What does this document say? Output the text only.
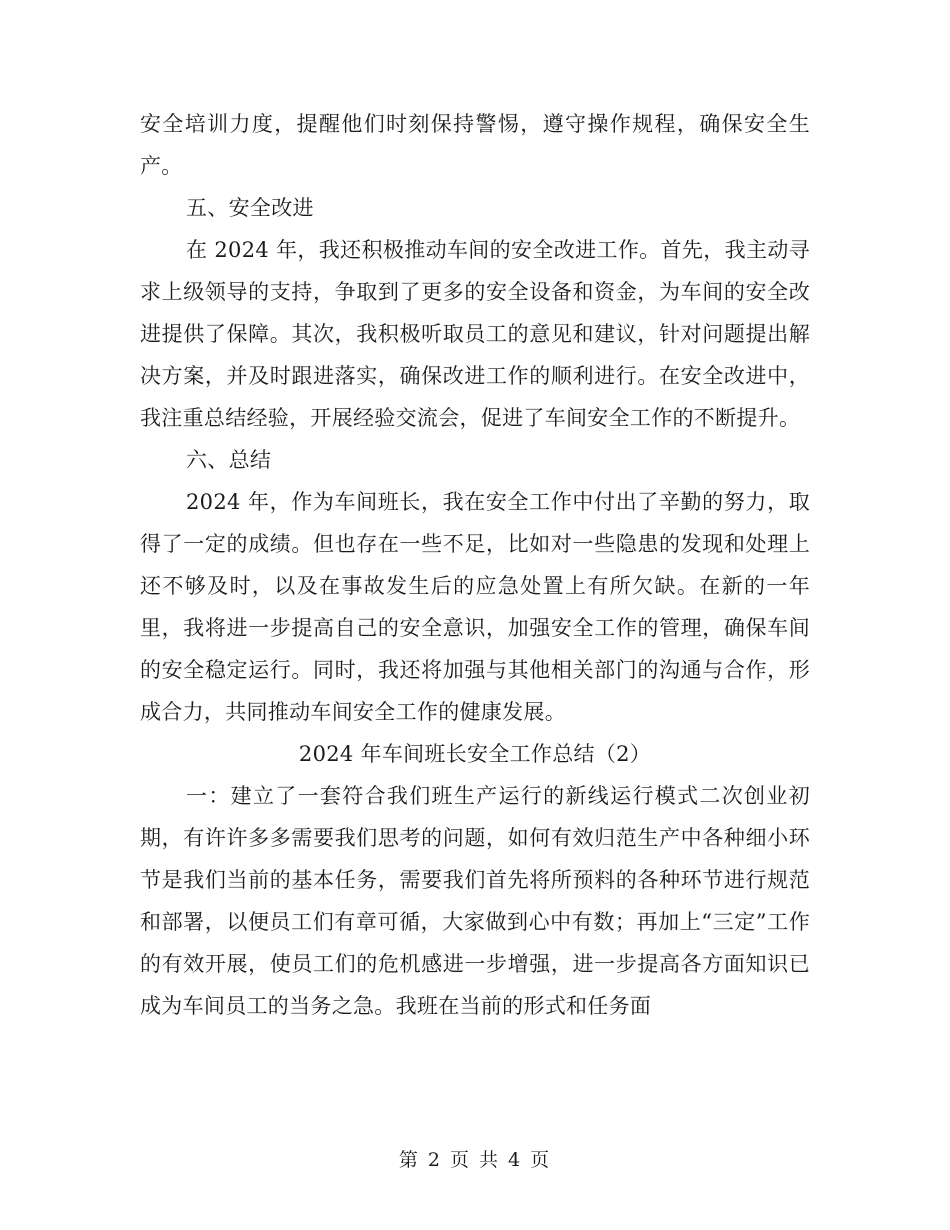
安全培训力度，提醒他们时刻保持警惕，遵守操作规程，确保安全生产。

五、安全改进

在 2024 年，我还积极推动车间的安全改进工作。首先，我主动寻求上级领导的支持，争取到了更多的安全设备和资金，为车间的安全改进提供了保障。其次，我积极听取员工的意见和建议，针对问题提出解决方案，并及时跟进落实，确保改进工作的顺利进行。在安全改进中，我注重总结经验，开展经验交流会，促进了车间安全工作的不断提升。

六、总结

2024 年，作为车间班长，我在安全工作中付出了辛勤的努力，取得了一定的成绩。但也存在一些不足，比如对一些隐患的发现和处理上还不够及时，以及在事故发生后的应急处置上有所欠缺。在新的一年里，我将进一步提高自己的安全意识，加强安全工作的管理，确保车间的安全稳定运行。同时，我还将加强与其他相关部门的沟通与合作，形成合力，共同推动车间安全工作的健康发展。

2024 年车间班长安全工作总结（2）

一：建立了一套符合我们班生产运行的新线运行模式二次创业初期，有许许多多需要我们思考的问题，如何有效归范生产中各种细小环节是我们当前的基本任务，需要我们首先将所预料的各种环节进行规范和部署，以便员工们有章可循，大家做到心中有数；再加上“三定”工作的有效开展，使员工们的危机感进一步增强，进一步提高各方面知识已成为车间员工的当务之急。我班在当前的形式和任务面

第 2 页 共 4 页
